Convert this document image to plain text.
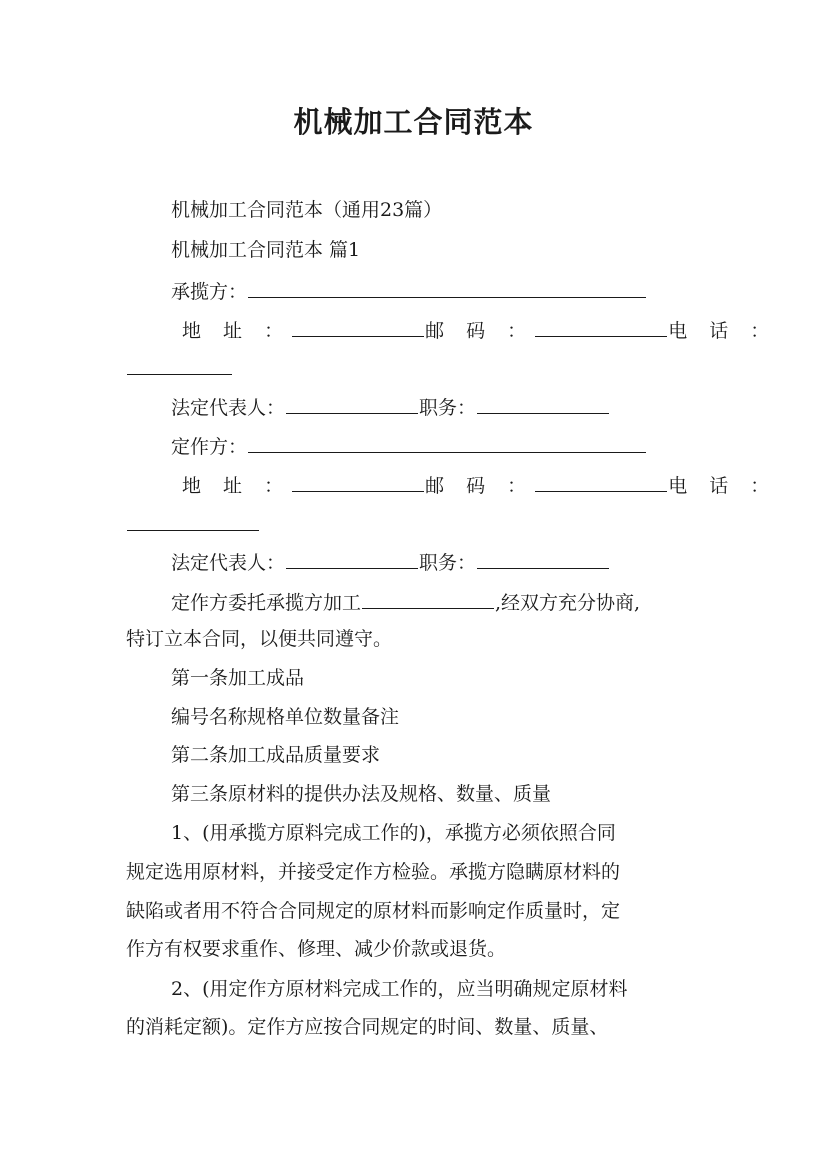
机械加工合同范本
机械加工合同范本（通用23篇）
机械加工合同范本 篇1
承揽方：
地 址 ：	邮 码 ：	电 话 ：
法定代表人：	职务：
定作方：
地 址 ：	邮 码 ：	电 话 ：
法定代表人：	职务：
定作方委托承揽方加工	,经双方充分协商,
特订立本合同，以便共同遵守。
第一条加工成品
编号名称规格单位数量备注
第二条加工成品质量要求
第三条原材料的提供办法及规格、数量、质量
1、(用承揽方原料完成工作的)，承揽方必须依照合同
规定选用原材料，并接受定作方检验。承揽方隐瞒原材料的
缺陷或者用不符合合同规定的原材料而影响定作质量时，定
作方有权要求重作、修理、减少价款或退货。
2、(用定作方原材料完成工作的，应当明确规定原材料
的消耗定额)。定作方应按合同规定的时间、数量、质量、
